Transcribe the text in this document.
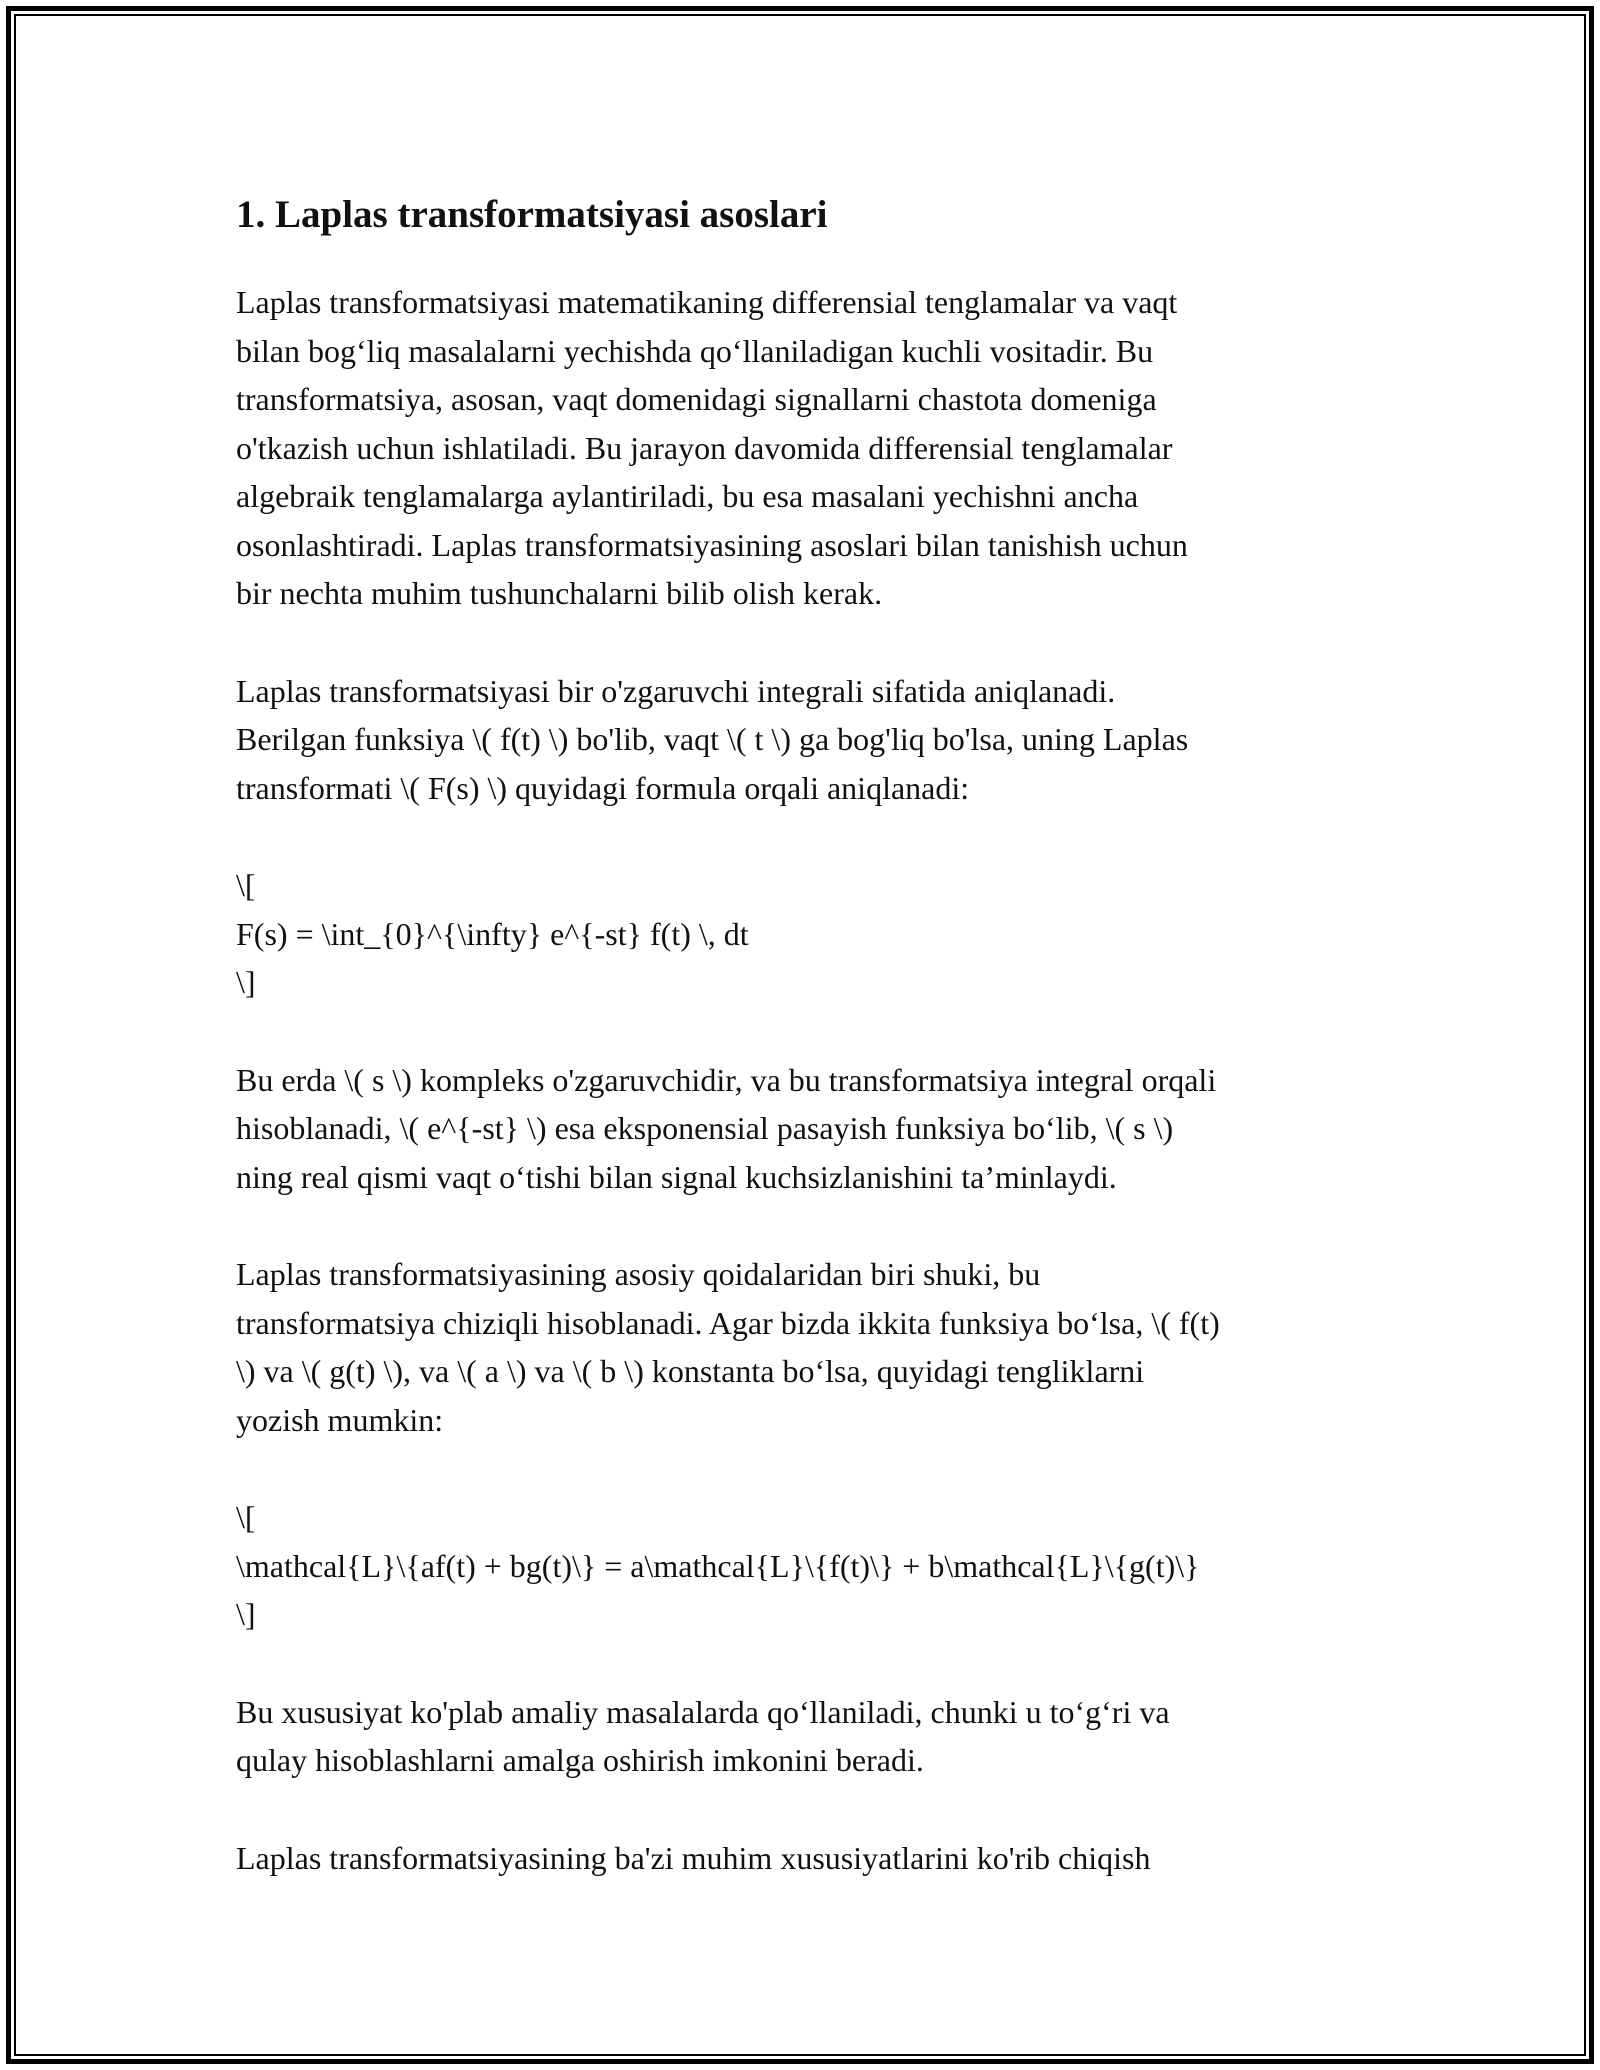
1. Laplas transformatsiyasi asoslari

Laplas transformatsiyasi matematikaning differensial tenglamalar va vaqt
bilan bog‘liq masalalarni yechishda qo‘llaniladigan kuchli vositadir. Bu
transformatsiya, asosan, vaqt domenidagi signallarni chastota domeniga
o'tkazish uchun ishlatiladi. Bu jarayon davomida differensial tenglamalar
algebraik tenglamalarga aylantiriladi, bu esa masalani yechishni ancha
osonlashtiradi. Laplas transformatsiyasining asoslari bilan tanishish uchun
bir nechta muhim tushunchalarni bilib olish kerak.

Laplas transformatsiyasi bir o'zgaruvchi integrali sifatida aniqlanadi.
Berilgan funksiya \( f(t) \) bo'lib, vaqt \( t \) ga bog'liq bo'lsa, uning Laplas
transformati \( F(s) \) quyidagi formula orqali aniqlanadi:

\[
F(s) = \int_{0}^{\infty} e^{-st} f(t) \, dt
\]

Bu erda \( s \) kompleks o'zgaruvchidir, va bu transformatsiya integral orqali
hisoblanadi, \( e^{-st} \) esa eksponensial pasayish funksiya bo‘lib, \( s \)
ning real qismi vaqt o‘tishi bilan signal kuchsizlanishini ta’minlaydi.

Laplas transformatsiyasining asosiy qoidalaridan biri shuki, bu
transformatsiya chiziqli hisoblanadi. Agar bizda ikkita funksiya bo‘lsa, \( f(t)
\) va \( g(t) \), va \( a \) va \( b \) konstanta bo‘lsa, quyidagi tengliklarni
yozish mumkin:

\[
\mathcal{L}\{af(t) + bg(t)\} = a\mathcal{L}\{f(t)\} + b\mathcal{L}\{g(t)\}
\]

Bu xususiyat ko'plab amaliy masalalarda qo‘llaniladi, chunki u to‘g‘ri va
qulay hisoblashlarni amalga oshirish imkonini beradi.

Laplas transformatsiyasining ba'zi muhim xususiyatlarini ko'rib chiqish
